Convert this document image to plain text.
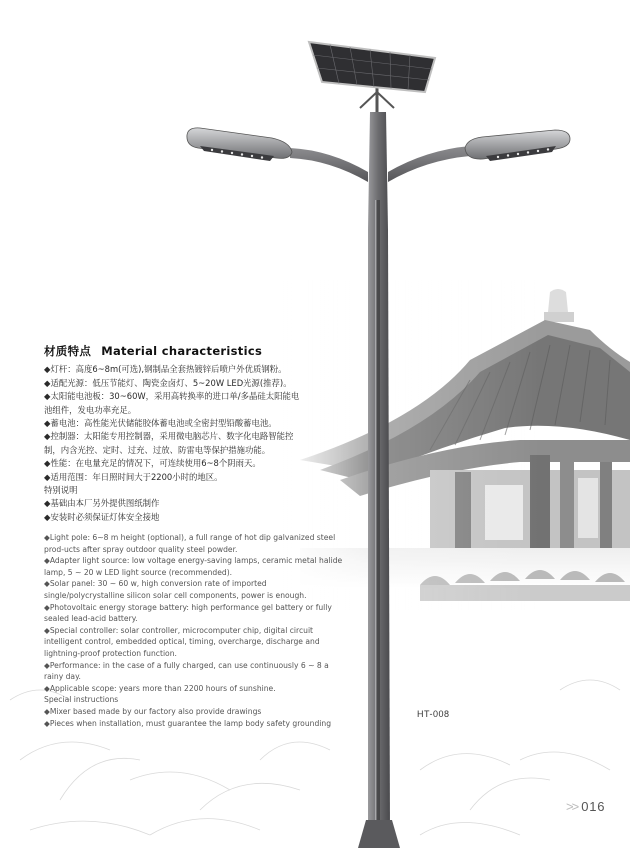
材质特点 Material characteristics
◆灯杆：高度6~8m(可选),钢制品全套热镀锌后喷户外优质钢粉。
◆适配光源：低压节能灯、陶瓷金卤灯、5~20W LED光源(推荐)。
◆太阳能电池板：30~60W，采用高转换率的进口单/多晶硅太阳能电
池组件，发电功率充足。
◆蓄电池：高性能光伏储能胶体蓄电池或全密封型铅酸蓄电池。
◆控制器：太阳能专用控制器，采用微电脑芯片、数字化电路智能控
制，内含光控、定时、过充、过放、防雷电等保护措施功能。
◆性能：在电量充足的情况下，可连续使用6~8个阴雨天。
◆适用范围：年日照时间大于2200小时的地区。
特别说明
◆基础由本厂另外提供图纸制作
◆安装时必须保证灯体安全接地
◆Light pole: 6~8 m height (optional), a full range of hot dip galvanized steel prod-ucts after spray outdoor quality steel powder.
◆Adapter light source: low voltage energy-saving lamps, ceramic metal halide lamp, 5 ~ 20 w LED light source (recommended).
◆Solar panel: 30 ~ 60 w, high conversion rate of imported single/polycrystalline silicon solar cell components, power is enough.
◆Photovoltaic energy storage battery: high performance gel battery or fully sealed lead-acid battery.
◆Special controller: solar controller, microcomputer chip, digital circuit intelligent control, embedded optical, timing, overcharge, discharge and lightning-proof protection function.
◆Performance: in the case of a fully charged, can use continuously 6 ~ 8 a rainy day.
◆Applicable scope: years more than 2200 hours of sunshine.
Special instructions
◆Mixer based made by our factory also provide drawings
◆Pieces when installation, must guarantee the lamp body safety grounding
HT-008
>> 016
